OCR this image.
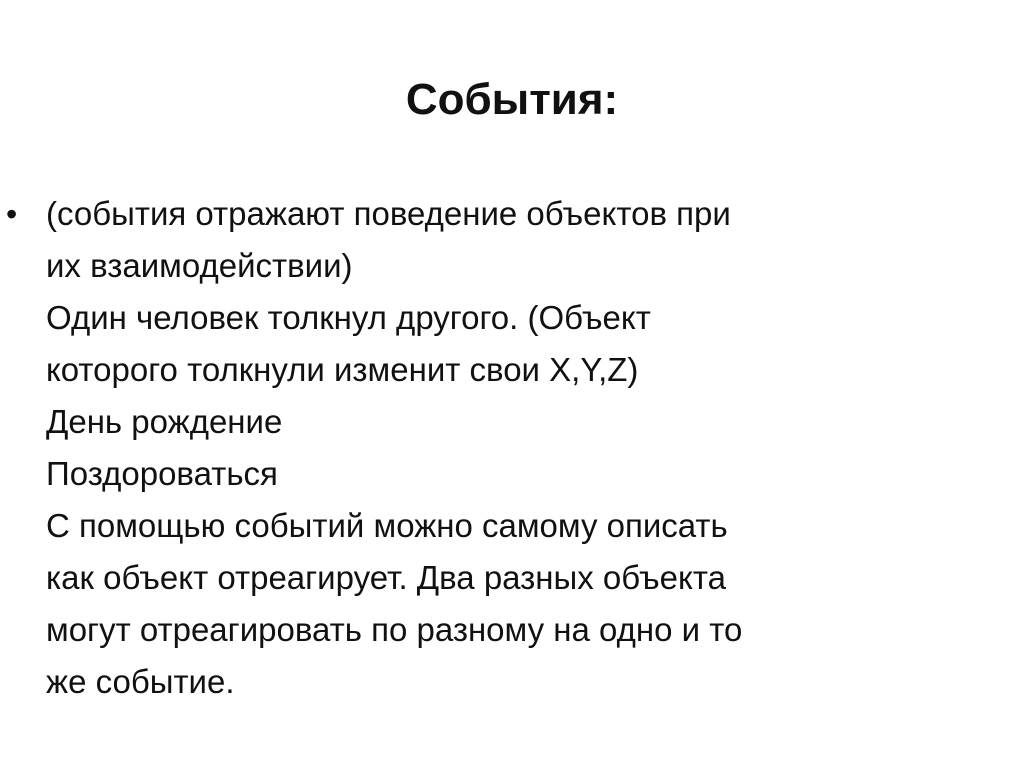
События:
• (события отражают поведение объектов при
их взаимодействии)
Один человек толкнул другого. (Объект
которого толкнули изменит свои X,Y,Z)
День рождение
Поздороваться
С помощью событий можно самому описать
как объект отреагирует. Два разных объекта
могут отреагировать по разному на одно и то
же событие.
